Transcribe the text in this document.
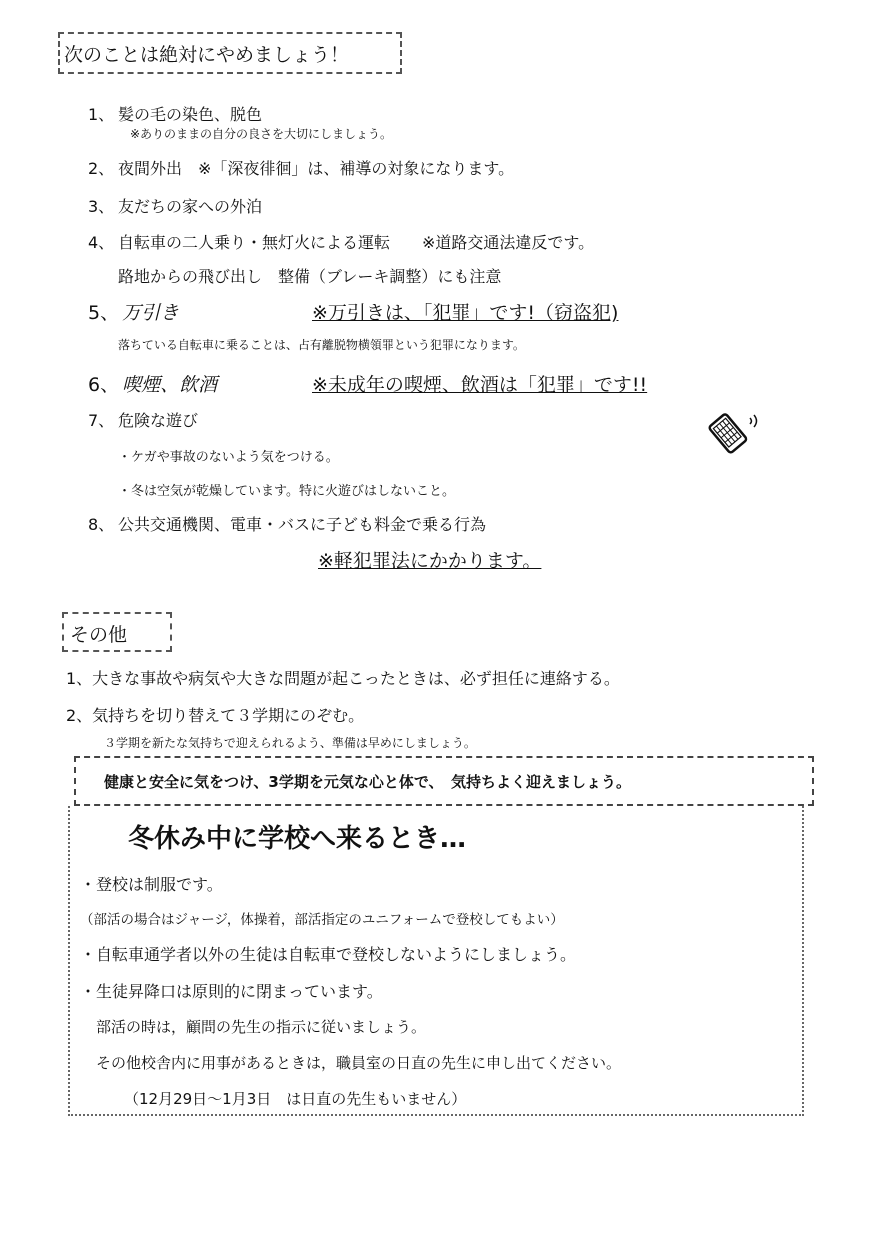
次のことは絶対にやめましょう！
1、 髪の毛の染色、脱色
※ありのままの自分の良さを大切にしましょう。
2、 夜間外出　※「深夜徘徊」は、補導の対象になります。
3、 友だちの家への外泊
4、 自転車の二人乗り・無灯火による運転　　※道路交通法違反です。
路地からの飛び出し　整備（ブレーキ調整）にも注意
5、 万引き	※万引きは、「犯罪」です!（窃盗犯)
落ちている自転車に乗ることは、占有離脱物横領罪という犯罪になります。
6、 喫煙、飲酒	※未成年の喫煙、飲酒は「犯罪」です!!
7、 危険な遊び
・ケガや事故のないよう気をつける。
・冬は空気が乾燥しています。特に火遊びはしないこと。
8、 公共交通機関、電車・バスに子ども料金で乗る行為
※軽犯罪法にかかります。
その他
1、大きな事故や病気や大きな問題が起こったときは、必ず担任に連絡する。
2、気持ちを切り替えて３学期にのぞむ。
３学期を新たな気持ちで迎えられるよう、準備は早めにしましょう。
健康と安全に気をつけ、3学期を元気な心と体で、　気持ちよく迎えましょう。
冬休み中に学校へ来るとき…
・登校は制服です。
（部活の場合はジャージ，体操着，部活指定のユニフォームで登校してもよい）
・自転車通学者以外の生徒は自転車で登校しないようにしましょう。
・生徒昇降口は原則的に閉まっています。
部活の時は，顧問の先生の指示に従いましょう。
その他校舎内に用事があるときは，職員室の日直の先生に申し出てください。
（12月29日～1月3日　は日直の先生もいません）
